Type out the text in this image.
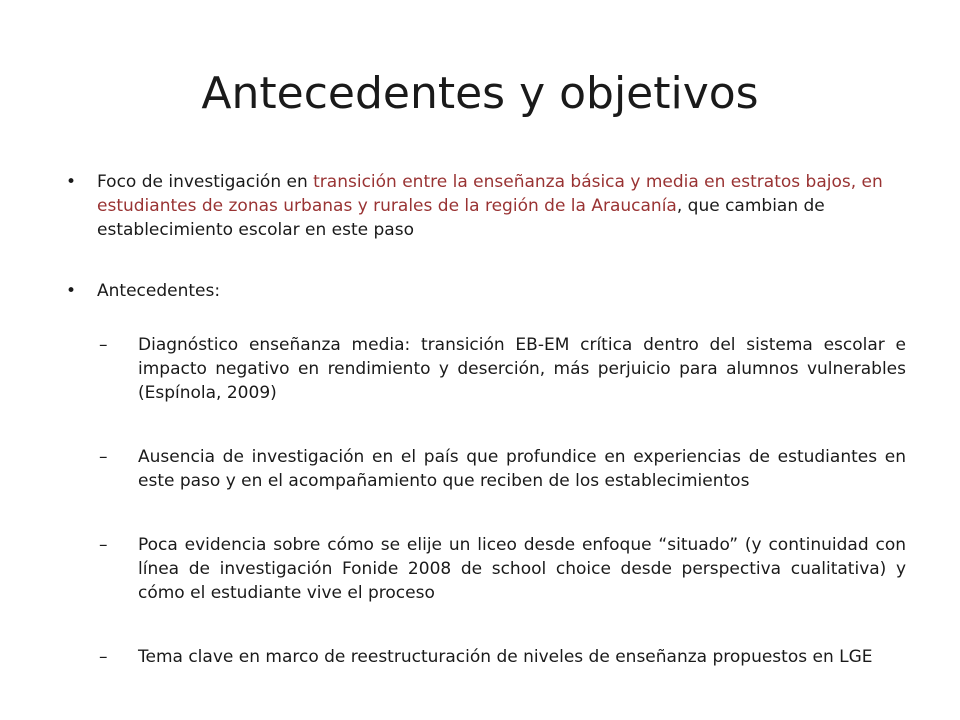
Antecedentes y objetivos
• Foco de investigación en transición entre la enseñanza básica y media en estratos bajos, en estudiantes de zonas urbanas y rurales de la región de la Araucanía, que cambian de establecimiento escolar en este paso
• Antecedentes:
– Diagnóstico enseñanza media: transición EB-EM crítica dentro del sistema escolar e impacto negativo en rendimiento y deserción, más perjuicio para alumnos vulnerables (Espínola, 2009)
– Ausencia de investigación en el país que profundice en experiencias de estudiantes en este paso y en el acompañamiento que reciben de los establecimientos
– Poca evidencia sobre cómo se elije un liceo desde enfoque “situado” (y continuidad con línea de investigación Fonide 2008 de school choice desde perspectiva cualitativa) y cómo el estudiante vive el proceso
– Tema clave en marco de reestructuración de niveles de enseñanza propuestos en LGE
